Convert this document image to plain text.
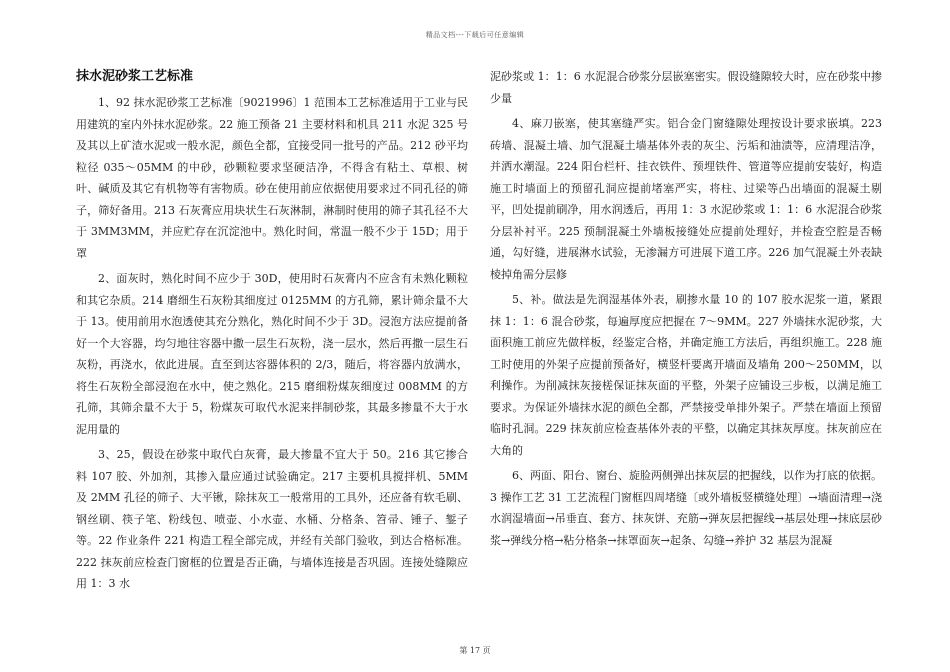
精品文档---下载后可任意编辑
抹水泥砂浆工艺标准

1、92 抹水泥砂浆工艺标准〔9021996〕1 范围本工艺标准适用于工业与民用建筑的室内外抹水泥砂浆。22 施工预备 21 主要材料和机具 211 水泥 325 号及其以上矿渣水泥或一般水泥，颜色全都，宜接受同一批号的产品。212 砂平均粒径 035～05MM 的中砂，砂颗粒要求坚硬洁净，不得含有粘土、草根、树叶、碱质及其它有机物等有害物质。砂在使用前应依据使用要求过不同孔径的筛子，筛好备用。213 石灰膏应用块状生石灰淋制，淋制时使用的筛子其孔径不大于 3MM3MM，并应贮存在沉淀池中。熟化时间，常温一般不少于 15D；用于罩

2、面灰时，熟化时间不应少于 30D，使用时石灰膏内不应含有未熟化颗粒和其它杂质。214 磨细生石灰粉其细度过 0125MM 的方孔筛，累计筛余量不大于 13。使用前用水泡透使其充分熟化，熟化时间不少于 3D。浸泡方法应提前备好一个大容器，均匀地往容器中撒一层生石灰粉，浇一层水，然后再撒一层生石灰粉，再浇水，依此进展。直至到达容器体积的 2/3，随后，将容器内放满水，将生石灰粉全部浸泡在水中，使之熟化。215 磨细粉煤灰细度过 008MM 的方孔筛，其筛余量不大于 5，粉煤灰可取代水泥来拌制砂浆，其最多掺量不大于水泥用量的

3、25，假设在砂浆中取代白灰膏，最大掺量不宜大于 50。216 其它掺合料 107 胶、外加剂，其掺入量应通过试验确定。217 主要机具搅拌机、5MM 及 2MM 孔径的筛子、大平锹，除抹灰工一般常用的工具外，还应备有软毛刷、钢丝刷、筷子笔、粉线包、喷壶、小水壶、水桶、分格条、笤帚、锤子、錾子等。22 作业条件 221 构造工程全部完成，并经有关部门验收，到达合格标准。222 抹灰前应检查门窗框的位置是否正确，与墙体连接是否巩固。连接处缝隙应用 1：3 水

泥砂浆或 1：1：6 水泥混合砂浆分层嵌塞密实。假设缝隙较大时，应在砂浆中掺少量

4、麻刀嵌塞，使其塞缝严实。铝合金门窗缝隙处理按设计要求嵌填。223 砖墙、混凝土墙、加气混凝土墙基体外表的灰尘、污垢和油渍等，应清理洁净，并洒水潮湿。224 阳台栏杆、挂衣铁件、预埋铁件、管道等应提前安装好，构造施工时墙面上的预留孔洞应提前堵塞严实，将柱、过梁等凸出墙面的混凝土剔平，凹处提前刷净，用水润透后，再用 1：3 水泥砂浆或 1：1：6 水泥混合砂浆分层补衬平。225 预制混凝土外墙板接缝处应提前处理好，并检查空腔是否畅通，勾好缝，进展淋水试验，无渗漏方可进展下道工序。226 加气混凝土外表缺棱掉角需分层修

5、补。做法是先润湿基体外表，刷掺水量 10 的 107 胶水泥浆一道，紧跟抹 1：1：6 混合砂浆，每遍厚度应把握在 7～9MM。227 外墙抹水泥砂浆，大面积施工前应先做样板，经鉴定合格，并确定施工方法后，再组织施工。228 施工时使用的外架子应提前预备好，横竖杆要离开墙面及墙角 200～250MM，以利操作。为削减抹灰接槎保证抹灰面的平整，外架子应铺设三步板，以满足施工要求。为保证外墙抹水泥的颜色全都，严禁接受单排外架子。严禁在墙面上预留临时孔洞。229 抹灰前应检查基体外表的平整，以确定其抹灰厚度。抹灰前应在大角的

6、两面、阳台、窗台、旋脸两侧弹出抹灰层的把握线，以作为打底的依据。3 操作工艺 31 工艺流程门窗框四周堵缝〔或外墙板竖横缝处理〕→墙面清理→浇水润湿墙面→吊垂直、套方、抹灰饼、充筋→弹灰层把握线→基层处理→抹底层砂浆→弹线分格→粘分格条→抹罩面灰→起条、勾缝→养护 32 基层为混凝

第 17 页
